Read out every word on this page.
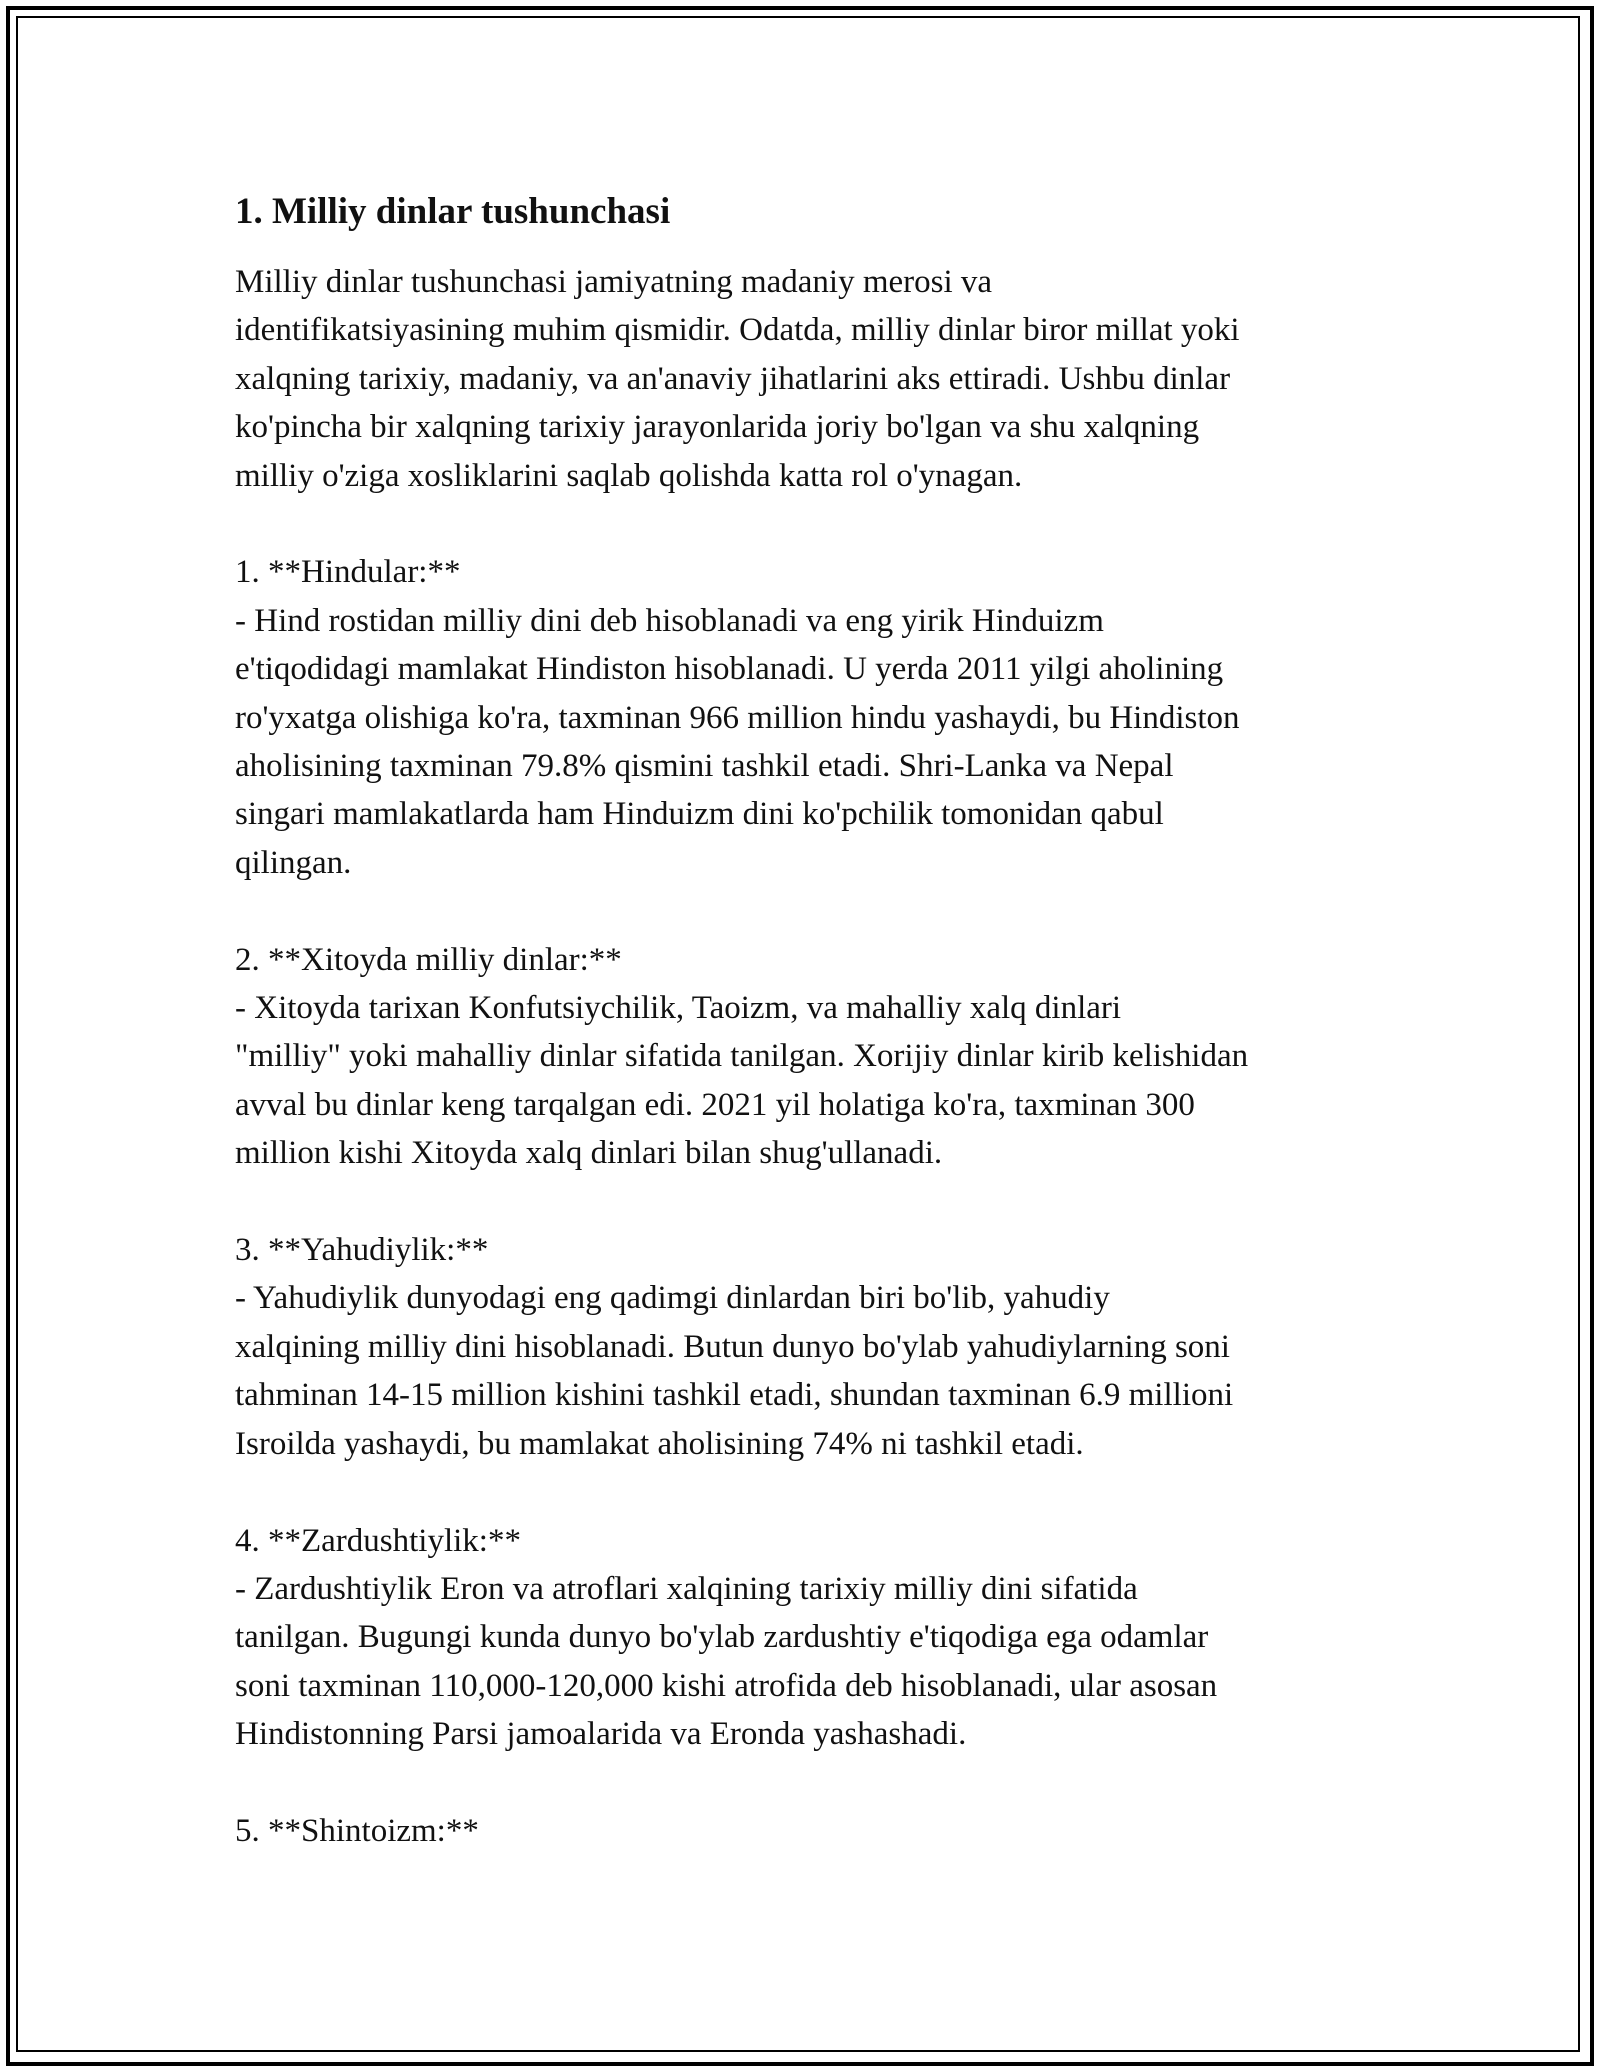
1. Milliy dinlar tushunchasi

Milliy dinlar tushunchasi jamiyatning madaniy merosi va
identifikatsiyasining muhim qismidir. Odatda, milliy dinlar biror millat yoki
xalqning tarixiy, madaniy, va an'anaviy jihatlarini aks ettiradi. Ushbu dinlar
ko'pincha bir xalqning tarixiy jarayonlarida joriy bo'lgan va shu xalqning
milliy o'ziga xosliklarini saqlab qolishda katta rol o'ynagan.

1. **Hindular:**

- Hind rostidan milliy dini deb hisoblanadi va eng yirik Hinduizm
e'tiqodidagi mamlakat Hindiston hisoblanadi. U yerda 2011 yilgi aholining
ro'yxatga olishiga ko'ra, taxminan 966 million hindu yashaydi, bu Hindiston
aholisining taxminan 79.8% qismini tashkil etadi. Shri-Lanka va Nepal
singari mamlakatlarda ham Hinduizm dini ko'pchilik tomonidan qabul
qilingan.

2. **Xitoyda milliy dinlar:**

- Xitoyda tarixan Konfutsiychilik, Taoizm, va mahalliy xalq dinlari
"milliy" yoki mahalliy dinlar sifatida tanilgan. Xorijiy dinlar kirib kelishidan
avval bu dinlar keng tarqalgan edi. 2021 yil holatiga ko'ra, taxminan 300
million kishi Xitoyda xalq dinlari bilan shug'ullanadi.

3. **Yahudiylik:**

- Yahudiylik dunyodagi eng qadimgi dinlardan biri bo'lib, yahudiy
xalqining milliy dini hisoblanadi. Butun dunyo bo'ylab yahudiylarning soni
tahminan 14-15 million kishini tashkil etadi, shundan taxminan 6.9 millioni
Isroilda yashaydi, bu mamlakat aholisining 74% ni tashkil etadi.

4. **Zardushtiylik:**

- Zardushtiylik Eron va atroflari xalqining tarixiy milliy dini sifatida
tanilgan. Bugungi kunda dunyo bo'ylab zardushtiy e'tiqodiga ega odamlar
soni taxminan 110,000-120,000 kishi atrofida deb hisoblanadi, ular asosan
Hindistonning Parsi jamoalarida va Eronda yashashadi.

5. **Shintoizm:**
